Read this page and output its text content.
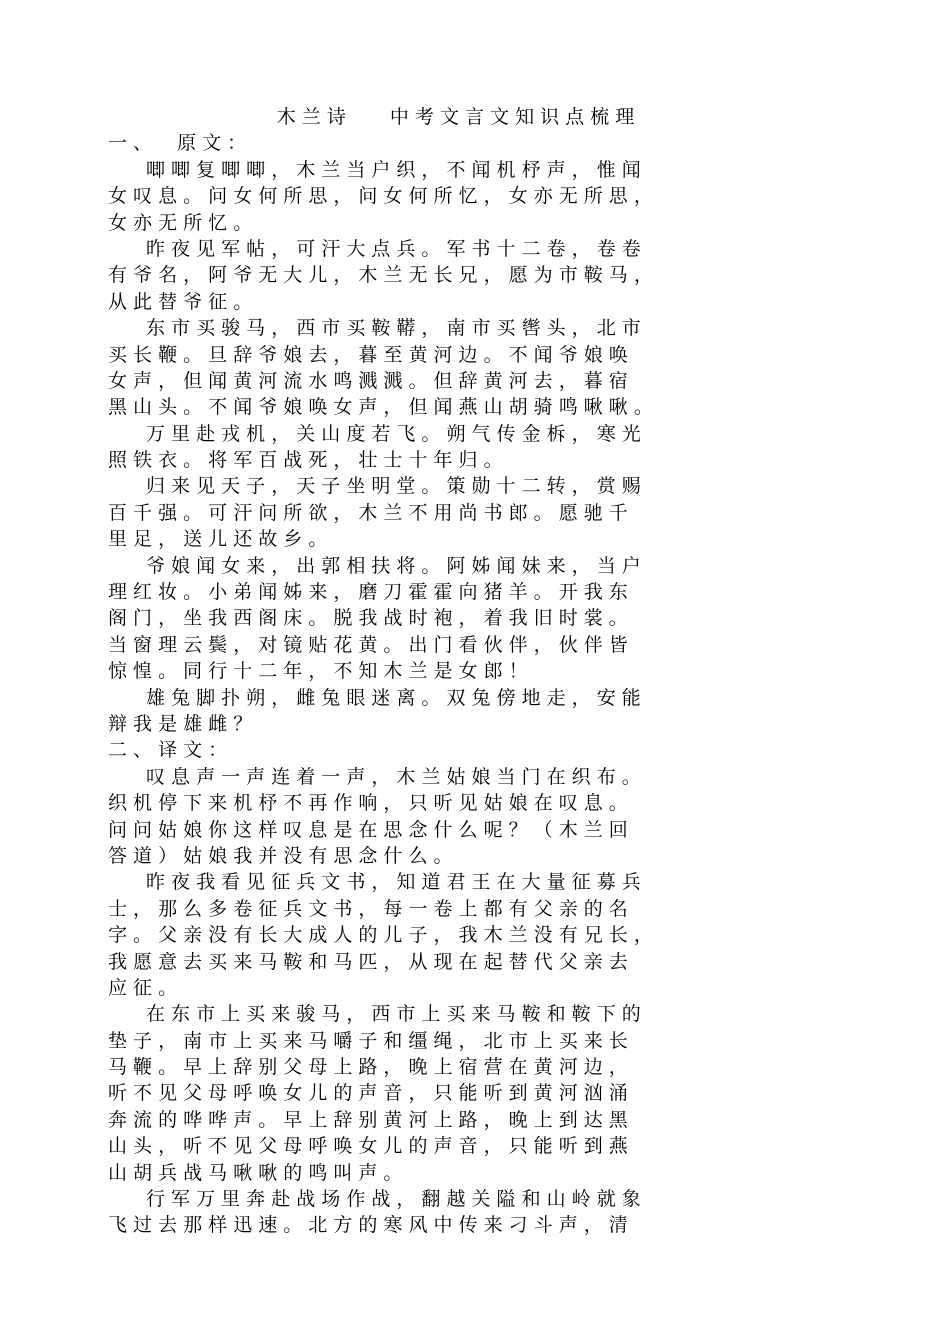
木 兰 诗 　　中 考 文 言 文 知 识 点 梳 理
一 、 　原 文 ：
　　唧 唧 复 唧 唧 ， 木 兰 当 户 织 ， 不 闻 机 杼 声 ， 惟 闻
女 叹 息 。 问 女 何 所 思 ， 问 女 何 所 忆 ， 女 亦 无 所 思 ，
女 亦 无 所 忆 。
　　昨 夜 见 军 帖 ， 可 汗 大 点 兵 。 军 书 十 二 卷 ， 卷 卷
有 爷 名 ， 阿 爷 无 大 儿 ， 木 兰 无 长 兄 ， 愿 为 市 鞍 马 ，
从 此 替 爷 征 。
　　东 市 买 骏 马 ， 西 市 买 鞍 鞯 ， 南 市 买 辔 头 ， 北 市
买 长 鞭 。 旦 辞 爷 娘 去 ， 暮 至 黄 河 边 。 不 闻 爷 娘 唤
女 声 ， 但 闻 黄 河 流 水 鸣 溅 溅 。 但 辞 黄 河 去 ， 暮 宿
黑 山 头 。 不 闻 爷 娘 唤 女 声 ， 但 闻 燕 山 胡 骑 鸣 啾 啾 。
　　万 里 赴 戎 机 ， 关 山 度 若 飞 。 朔 气 传 金 柝 ， 寒 光
照 铁 衣 。 将 军 百 战 死 ， 壮 士 十 年 归 。
　　归 来 见 天 子 ， 天 子 坐 明 堂 。 策 勋 十 二 转 ， 赏 赐
百 千 强 。 可 汗 问 所 欲 ， 木 兰 不 用 尚 书 郎 。 愿 驰 千
里 足 ， 送 儿 还 故 乡 。
　　爷 娘 闻 女 来 ， 出 郭 相 扶 将 。 阿 姊 闻 妹 来 ， 当 户
理 红 妆 。 小 弟 闻 姊 来 ， 磨 刀 霍 霍 向 猪 羊 。 开 我 东
阁 门 ， 坐 我 西 阁 床 。 脱 我 战 时 袍 ， 着 我 旧 时 裳 。
当 窗 理 云 鬓 ， 对 镜 贴 花 黄 。 出 门 看 伙 伴 ， 伙 伴 皆
惊 惶 。 同 行 十 二 年 ， 不 知 木 兰 是 女 郎 ！
　　雄 兔 脚 扑 朔 ， 雌 兔 眼 迷 离 。 双 兔 傍 地 走 ， 安 能
辩 我 是 雄 雌 ？
二 、 译 文 ：
　　叹 息 声 一 声 连 着 一 声 ， 木 兰 姑 娘 当 门 在 织 布 。
织 机 停 下 来 机 杼 不 再 作 响 ， 只 听 见 姑 娘 在 叹 息 。
问 问 姑 娘 你 这 样 叹 息 是 在 思 念 什 么 呢 ？ （ 木 兰 回
答 道 ） 姑 娘 我 并 没 有 思 念 什 么 。
　　昨 夜 我 看 见 征 兵 文 书 ， 知 道 君 王 在 大 量 征 募 兵
士 ， 那 么 多 卷 征 兵 文 书 ， 每 一 卷 上 都 有 父 亲 的 名
字 。 父 亲 没 有 长 大 成 人 的 儿 子 ， 我 木 兰 没 有 兄 长 ，
我 愿 意 去 买 来 马 鞍 和 马 匹 ， 从 现 在 起 替 代 父 亲 去
应 征 。
　　在 东 市 上 买 来 骏 马 ， 西 市 上 买 来 马 鞍 和 鞍 下 的
垫 子 ， 南 市 上 买 来 马 嚼 子 和 缰 绳 ， 北 市 上 买 来 长
马 鞭 。 早 上 辞 别 父 母 上 路 ， 晚 上 宿 营 在 黄 河 边 ，
听 不 见 父 母 呼 唤 女 儿 的 声 音 ， 只 能 听 到 黄 河 汹 涌
奔 流 的 哗 哗 声 。 早 上 辞 别 黄 河 上 路 ， 晚 上 到 达 黑
山 头 ， 听 不 见 父 母 呼 唤 女 儿 的 声 音 ， 只 能 听 到 燕
山 胡 兵 战 马 啾 啾 的 鸣 叫 声 。
　　行 军 万 里 奔 赴 战 场 作 战 ， 翻 越 关 隘 和 山 岭 就 象
飞 过 去 那 样 迅 速 。 北 方 的 寒 风 中 传 来 刁 斗 声 ， 清
